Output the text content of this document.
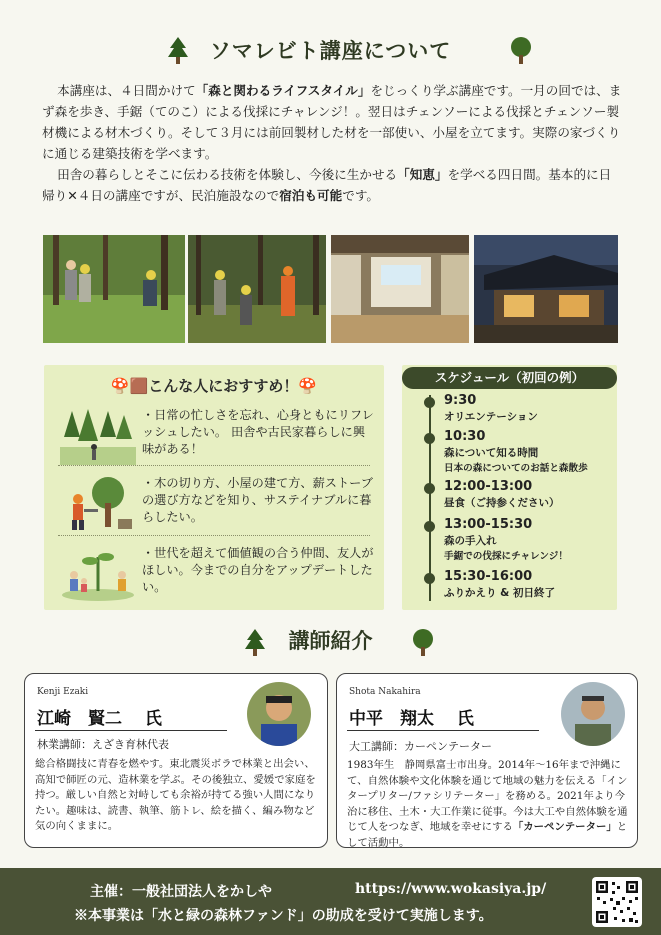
ソマレビト講座について

本講座は、４日間かけて「森と関わるライフスタイル」をじっくり学ぶ講座です。一月の回では、まず森を歩き、手鋸（てのこ）による伐採にチャレンジ！。翌日はチェンソーによる伐採とチェンソー製材機による材木づくり。そして３月には前回製材した材を一部使い、小屋を立てます。実際の家づくりに通じる建築技術を学べます。

田舎の暮らしとそこに伝わる技術を体験し、今後に生かせる「知恵」を学べる四日間。基本的に日帰り✕４日の講座ですが、民泊施設なので宿泊も可能です。

🍄🟫こんな人におすすめ！🍄
・日常の忙しさを忘れ、心身ともにリフレッシュしたい。 田舎や古民家暮らしに興味がある！
・木の切り方、小屋の建て方、薪ストーブの選び方などを知り、サステイナブルに暮らしたい。
・世代を超えて価値観の合う仲間、友人がほしい。今までの自分をアップデートしたい。
スケジュール（初回の例）
9:30
オリエンテーション
10:30
森について知る時間
日本の森についてのお話と森散歩
12:00-13:00
昼食（ご持参ください）
13:00-15:30
森の手入れ
手鋸での伐採にチャレンジ！
15:30-16:00
ふりかえり & 初日終了
講師紹介
Kenji Ezaki
江崎　賢二　 氏
林業講師：えざき育林代表
総合格闘技に青春を燃やす。東北震災ボラで林業と出会い、高知で師匠の元、造林業を学ぶ。その後独立、愛媛で家庭を持つ。厳しい自然と対峙しても余裕が持てる強い人間になりたい。趣味は、読書、執筆、筋トレ、絵を描く、編み物など気の向くままに。
Shota Nakahira
中平　翔太　 氏
大工講師：カーペンテーター
1983年生　静岡県富士市出身。2014年～16年まで沖縄にて、自然体験や文化体験を通じて地域の魅力を伝える「インタープリター/ファシリテーター」を務める。2021年より今治に移住、土木・大工作業に従事。今は大工や自然体験を通じて人をつなぎ、地域を幸せにする「カーペンテーター」として活動中。
主催：一般社団法人をかしや	https://www.wokasiya.jp/
※本事業は「水と緑の森林ファンド」の助成を受けて実施します。
